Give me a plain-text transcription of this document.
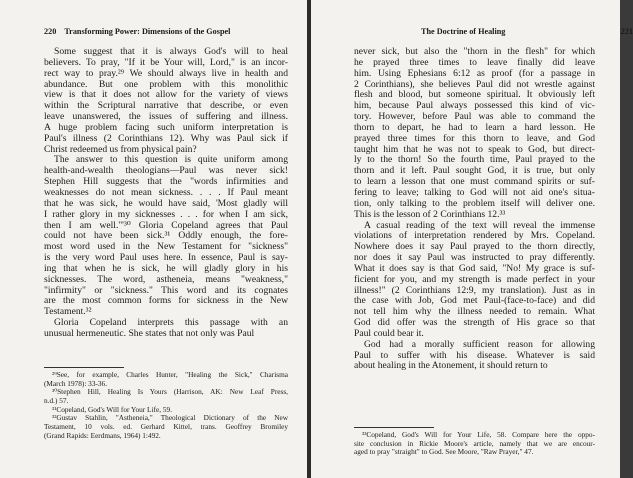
220 Transforming Power: Dimensions of the Gospel
Some suggest that it is always God's will to heal
believers. To pray, "If it be Your will, Lord," is an incor-
rect way to pray.²⁹ We should always live in health and
abundance. But one problem with this monolithic
view is that it does not allow for the variety of views
within the Scriptural narrative that describe, or even
leave unanswered, the issues of suffering and illness.
A huge problem facing such uniform interpretation is
Paul's illness (2 Corinthians 12). Why was Paul sick if
Christ redeemed us from physical pain?
The answer to this question is quite uniform among
health-and-wealth theologians—Paul was never sick!
Stephen Hill suggests that the "words infirmities and
weaknesses do not mean sickness. . . . If Paul meant
that he was sick, he would have said, 'Most gladly will
I rather glory in my sicknesses . . . for when I am sick,
then I am well.'"³⁰ Gloria Copeland agrees that Paul
could not have been sick.³¹ Oddly enough, the fore-
most word used in the New Testament for "sickness"
is the very word Paul uses here. In essence, Paul is say-
ing that when he is sick, he will gladly glory in his
sicknesses. The word, astheneia, means "weakness,"
"infirmity" or "sickness." This word and its cognates
are the most common forms for sickness in the New
Testament.³²
Gloria Copeland interprets this passage with an
unusual hermeneutic. She states that not only was Paul
²⁹See, for example, Charles Hunter, "Healing the Sick," Charisma
(March 1978): 33-36.
³⁰Stephen Hill, Healing Is Yours (Harrison, AK: New Leaf Press,
n.d.) 57.
³¹Copeland, God's Will for Your Life, 59.
³²Gustav Stahlin, "Astheneia," Theological Dictionary of the New
Testament, 10 vols. ed. Gerhard Kittel, trans. Geoffrey Bromiley
(Grand Rapids: Eerdmans, 1964) 1:492.
The Doctrine of Healing	221
never sick, but also the "thorn in the flesh" for which
he prayed three times to leave finally did leave
him. Using Ephesians 6:12 as proof (for a passage in
2 Corinthians), she believes Paul did not wrestle against
flesh and blood, but someone spiritual. It obviously left
him, because Paul always possessed this kind of vic-
tory. However, before Paul was able to command the
thorn to depart, he had to learn a hard lesson. He
prayed three times for this thorn to leave, and God
taught him that he was not to speak to God, but direct-
ly to the thorn! So the fourth time, Paul prayed to the
thorn and it left. Paul sought God, it is true, but only
to learn a lesson that one must command spirits or suf-
fering to leave; talking to God will not aid one's situa-
tion, only talking to the problem itself will deliver one.
This is the lesson of 2 Corinthians 12.³³
A casual reading of the text will reveal the immense
violations of interpretation rendered by Mrs. Copeland.
Nowhere does it say Paul prayed to the thorn directly,
nor does it say Paul was instructed to pray differently.
What it does say is that God said, "No! My grace is suf-
ficient for you, and my strength is made perfect in your
illness!" (2 Corinthians 12:9, my translation). Just as in
the case with Job, God met Paul-(face-to-face) and did
not tell him why the illness needed to remain. What
God did offer was the strength of His grace so that
Paul could bear it.
God had a morally sufficient reason for allowing
Paul to suffer with his disease. Whatever is said
about healing in the Atonement, it should return to
³³Copeland, God's Will for Your Life, 58. Compare here the oppo-
site conclusion in Rickie Moore's article, namely that we are encour-
aged to pray "straight" to God. See Moore, "Raw Prayer," 47.
